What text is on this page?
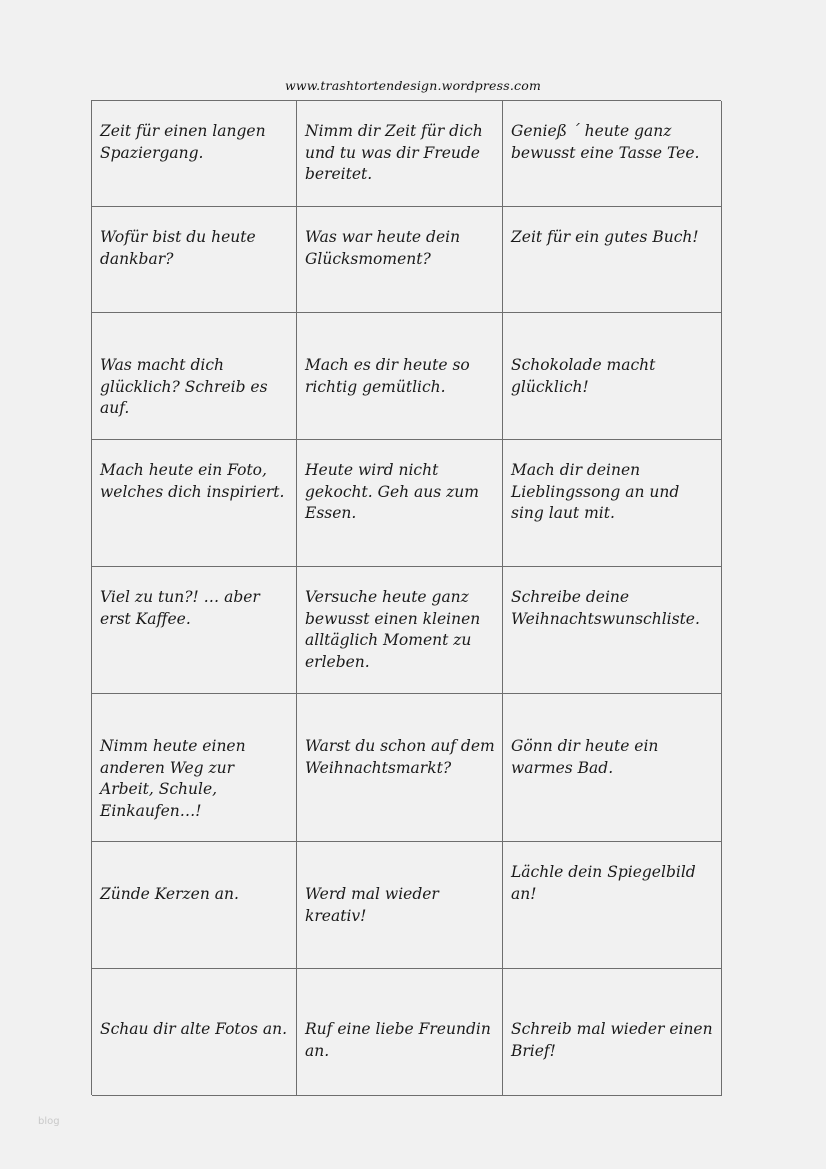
www.trashtortendesign.wordpress.com
Zeit für einen langen Spaziergang.
Nimm dir Zeit für dich und tu was dir Freude bereitet.
Genieß ´ heute ganz bewusst eine Tasse Tee.
Wofür bist du heute dankbar?
Was war heute dein Glücksmoment?
Zeit für ein gutes Buch!
Was macht dich glücklich? Schreib es auf.
Mach es dir heute so richtig gemütlich.
Schokolade macht glücklich!
Mach heute ein Foto, welches dich inspiriert.
Heute wird nicht gekocht. Geh aus zum Essen.
Mach dir deinen Lieblingssong an und sing laut mit.
Viel zu tun?! … aber erst Kaffee.
Versuche heute ganz bewusst einen kleinen alltäglich Moment zu erleben.
Schreibe deine Weihnachtswunschliste.
Nimm heute einen anderen Weg zur Arbeit, Schule, Einkaufen…!
Warst du schon auf dem Weihnachtsmarkt?
Gönn dir heute ein warmes Bad.
Zünde Kerzen an.	Werd mal wieder kreativ!
Lächle dein Spiegelbild an!
Schau dir alte Fotos an.	Ruf eine liebe Freundin an.
Schreib mal wieder einen Brief!
blog
